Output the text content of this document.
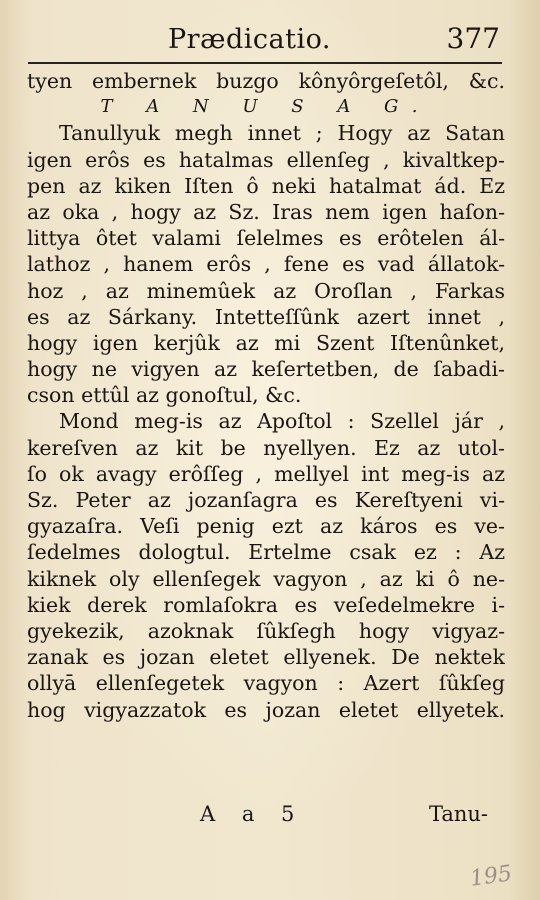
Prædicatio.	377
tyen embernek buzgo kônyôrgeſetôl, &c.
T A N U S A G.
Tanullyuk megh innet ; Hogy az Satan
igen erôs es hatalmas ellenſeg , kivaltkep-
pen az kiken Iſten ô neki hatalmat ád. Ez
az oka , hogy az Sz. Iras nem igen haſon-
littya ôtet valami ſelelmes es erôtelen ál-
lathoz , hanem erôs , fene es vad állatok-
hoz , az minemûek az Oroſlan , Farkas
es az Sárkany. Intetteſſûnk azert innet ,
hogy igen kerjûk az mi Szent Iſtenûnket,
hogy ne vigyen az keſertetben, de ſabadi-
cson ettûl az gonoſtul, &c.
Mond meg-is az Apoſtol : Szellel jár ,
kereſven az kit be nyellyen. Ez az utol-
ſo ok avagy erôſſeg , mellyel int meg-is az
Sz. Peter az jozanſagra es Kereſtyeni vi-
gyazaſra. Veſi penig ezt az káros es ve-
ſedelmes dologtul. Ertelme csak ez : Az
kiknek oly ellenſegek vagyon , az ki ô ne-
kiek derek romlaſokra es veſedelmekre i-
gyekezik, azoknak ſûkſegh hogy vigyaz-
zanak es jozan eletet ellyenek. De nektek
ollyā ellenſegetek vagyon : Azert ſûkſeg
hog vigyazzatok es jozan eletet ellyetek.
A a 5	Tanu-
195
